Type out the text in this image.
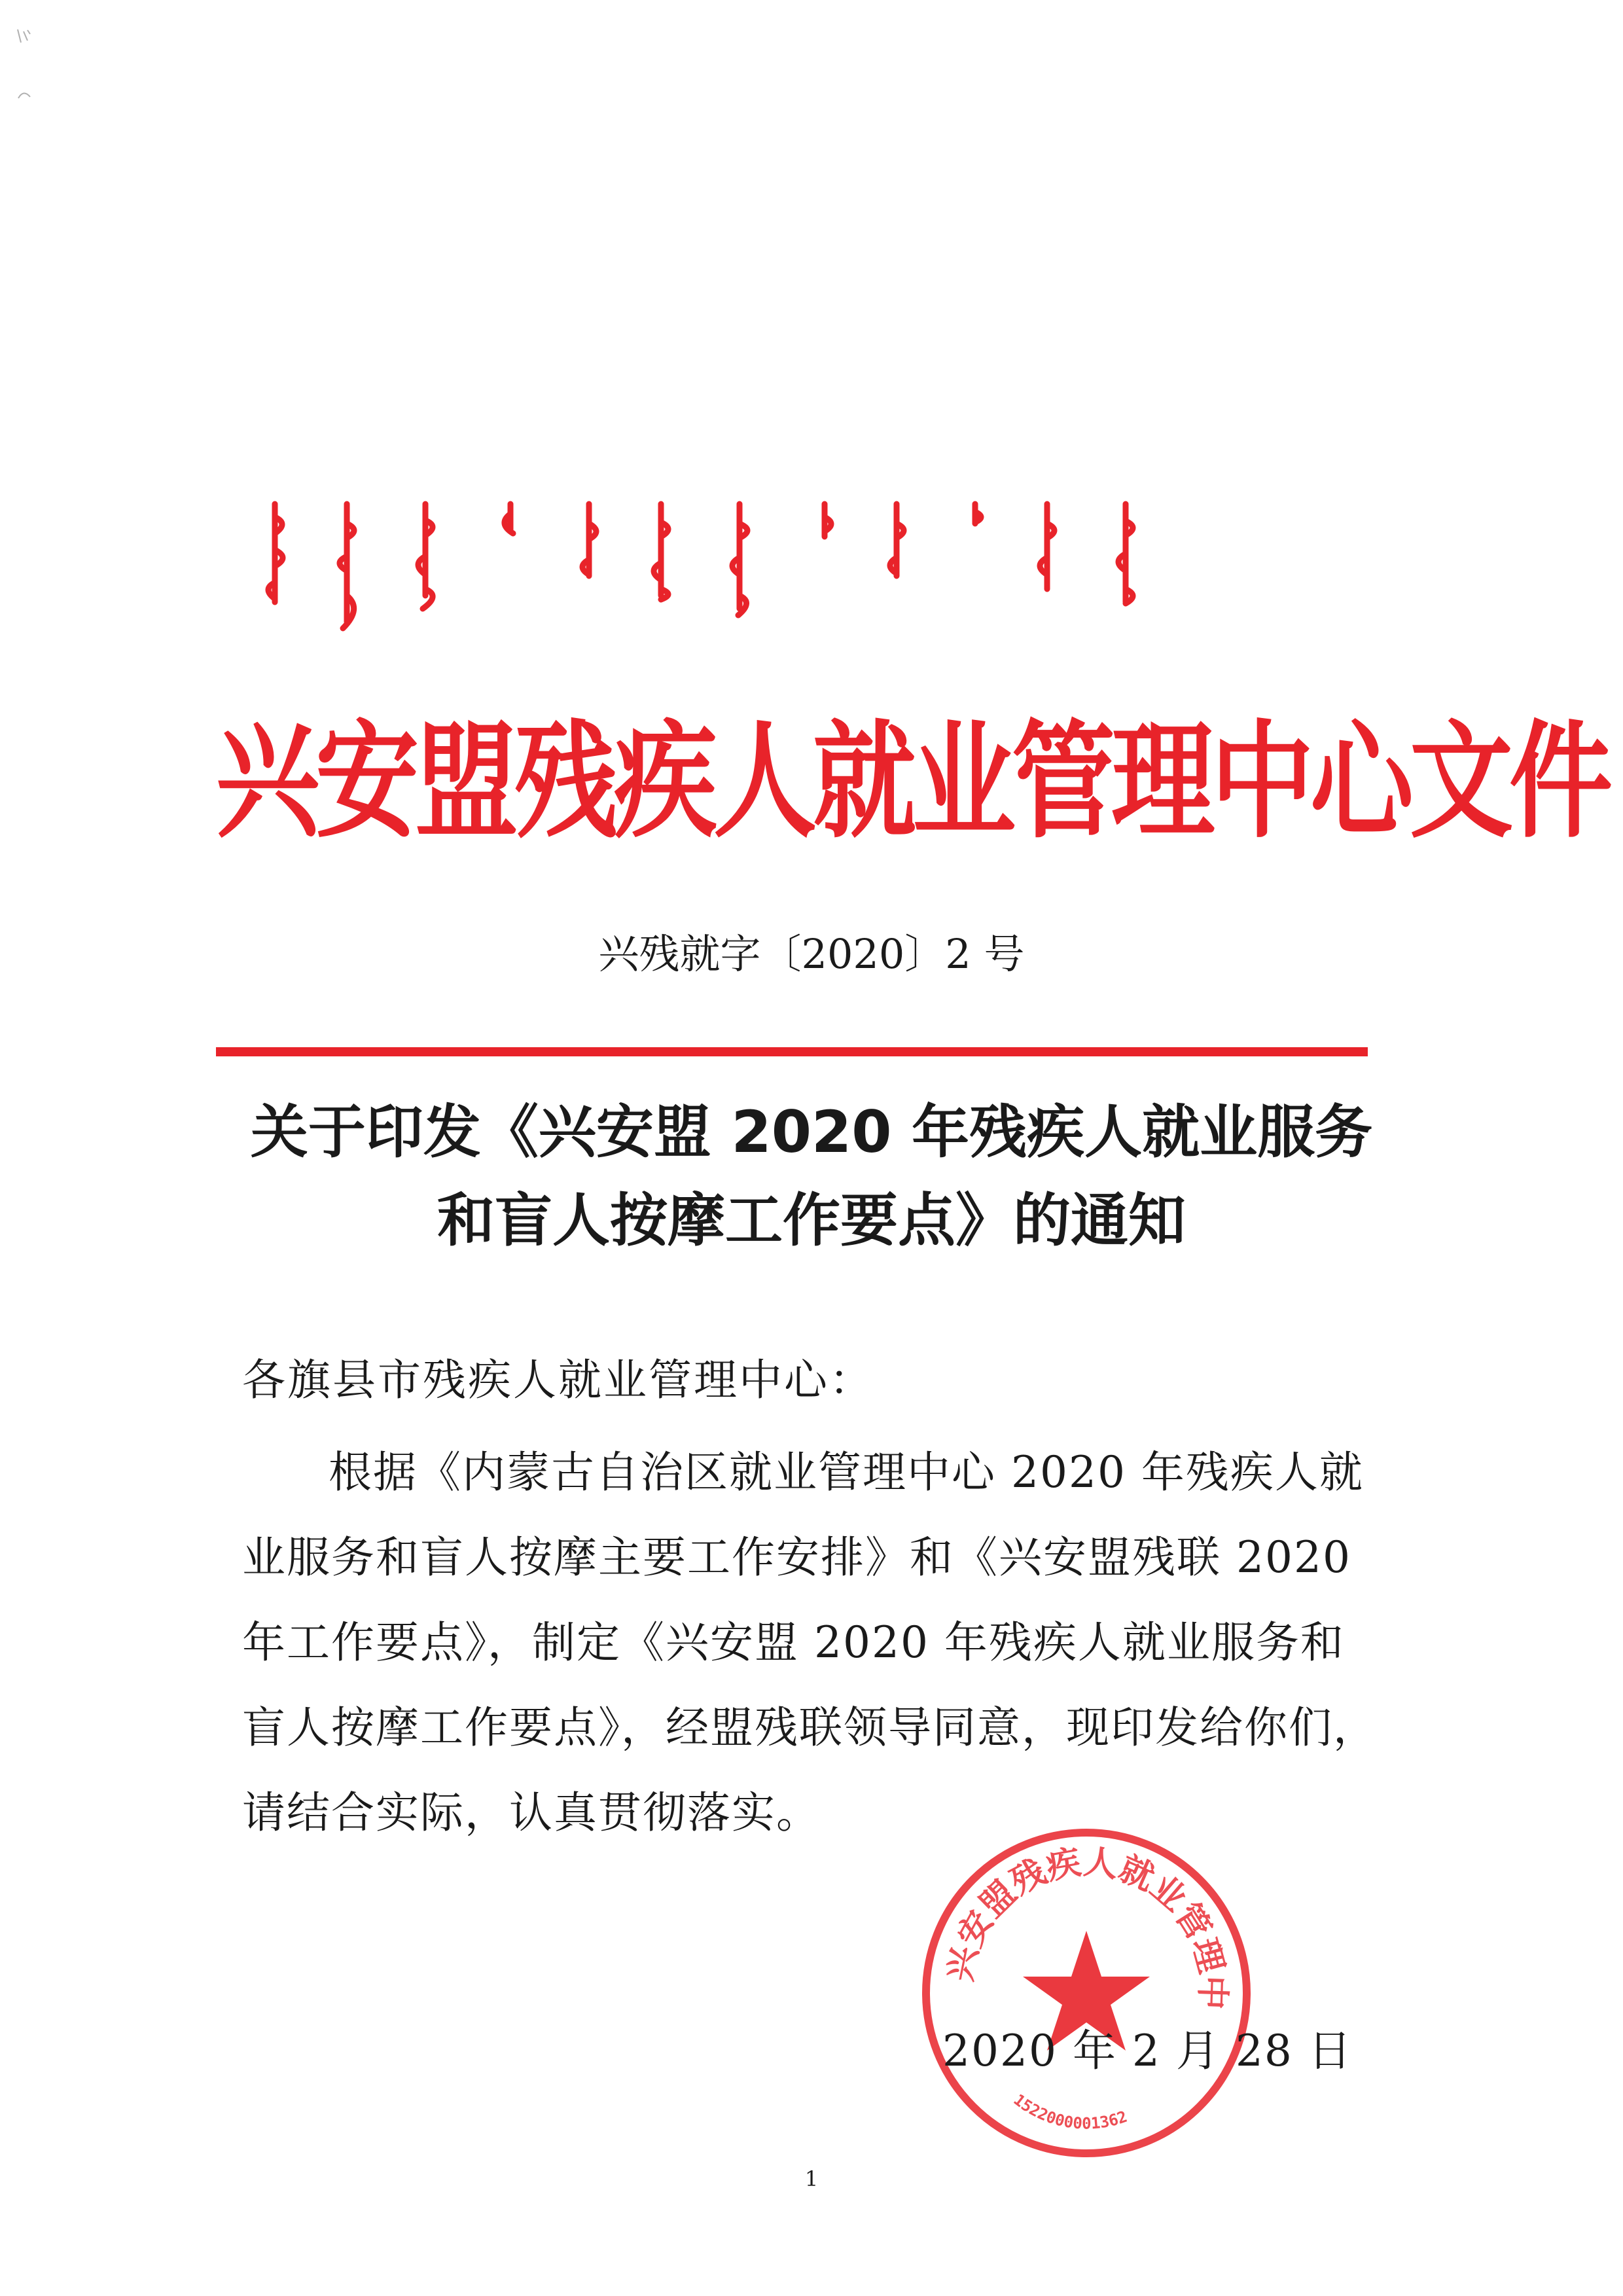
兴安盟残疾人就业管理中心文件
兴残就字〔2020〕2 号
关于印发《兴安盟 2020 年残疾人就业服务
和盲人按摩工作要点》的通知
各旗县市残疾人就业管理中心：
根据《内蒙古自治区就业管理中心 2020 年残疾人就业服务和盲人按摩主要工作安排》和《兴安盟残联 2020 年工作要点》，制定《兴安盟 2020 年残疾人就业服务和盲人按摩工作要点》，经盟残联领导同意，现印发给你们，请结合实际，认真贯彻落实。
兴安盟残疾人就业管理中
1522000001362
2020 年 2 月 28 日
1
